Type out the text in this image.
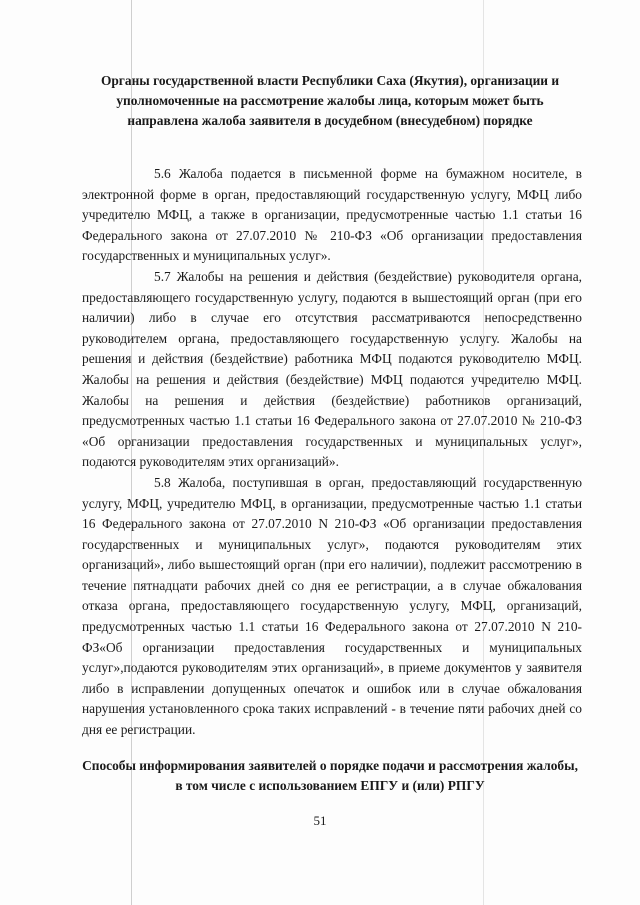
Органы государственной власти Республики Саха (Якутия), организации и уполномоченные на рассмотрение жалобы лица, которым может быть направлена жалоба заявителя в досудебном (внесудебном) порядке

5.6 Жалоба подается в письменной форме на бумажном носителе, в электронной форме в орган, предоставляющий государственную услугу, МФЦ либо учредителю МФЦ, а также в организации, предусмотренные частью 1.1 статьи 16 Федерального закона от 27.07.2010 № 210-ФЗ «Об организации предоставления государственных и муниципальных услуг».

5.7 Жалобы на решения и действия (бездействие) руководителя органа, предоставляющего государственную услугу, подаются в вышестоящий орган (при его наличии) либо в случае его отсутствия рассматриваются непосредственно руководителем органа, предоставляющего государственную услугу. Жалобы на решения и действия (бездействие) работника МФЦ подаются руководителю МФЦ. Жалобы на решения и действия (бездействие) МФЦ подаются учредителю МФЦ. Жалобы на решения и действия (бездействие) работников организаций, предусмотренных частью 1.1 статьи 16 Федерального закона от 27.07.2010 № 210-ФЗ «Об организации предоставления государственных и муниципальных услуг», подаются руководителям этих организаций».

5.8 Жалоба, поступившая в орган, предоставляющий государственную услугу, МФЦ, учредителю МФЦ, в организации, предусмотренные частью 1.1 статьи 16 Федерального закона от 27.07.2010 N 210-ФЗ «Об организации предоставления государственных и муниципальных услуг», подаются руководителям этих организаций», либо вышестоящий орган (при его наличии), подлежит рассмотрению в течение пятнадцати рабочих дней со дня ее регистрации, а в случае обжалования отказа органа, предоставляющего государственную услугу, МФЦ, организаций, предусмотренных частью 1.1 статьи 16 Федерального закона от 27.07.2010 N 210-ФЗ«Об организации предоставления государственных и муниципальных услуг»,подаются руководителям этих организаций», в приеме документов у заявителя либо в исправлении допущенных опечаток и ошибок или в случае обжалования нарушения установленного срока таких исправлений - в течение пяти рабочих дней со дня ее регистрации.

Способы информирования заявителей о порядке подачи и рассмотрения жалобы, в том числе с использованием ЕПГУ и (или) РПГУ
51
